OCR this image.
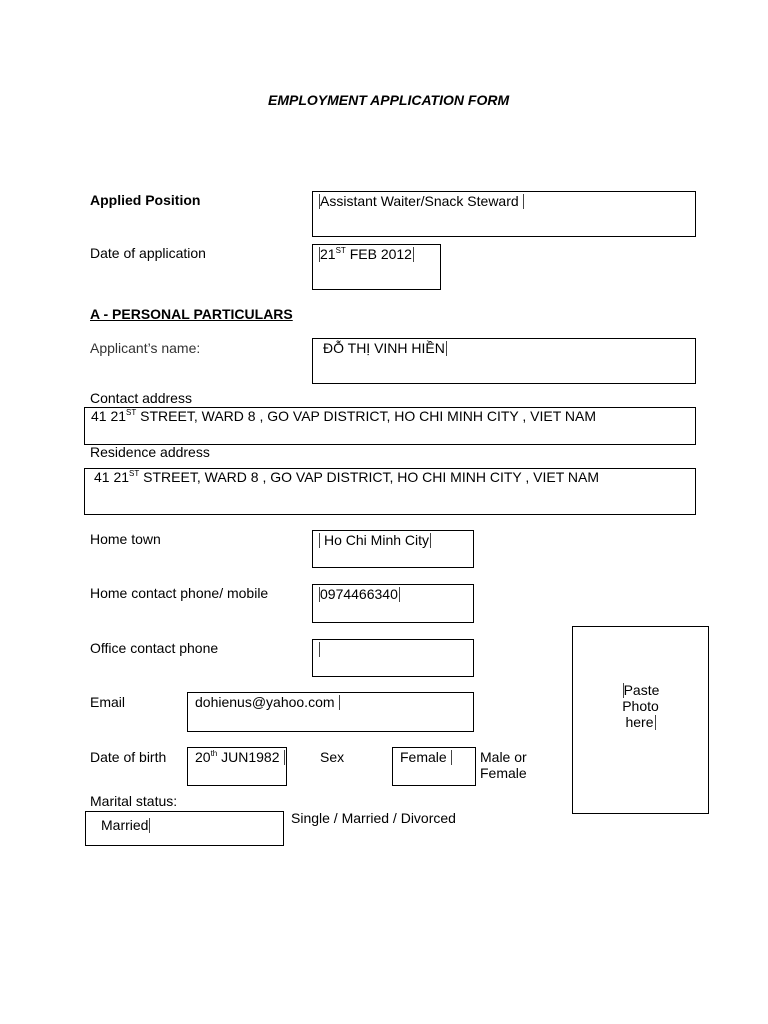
EMPLOYMENT APPLICATION FORM
Applied Position	Assistant Waiter/Snack Steward
Date of application	21ST FEB 2012
A - PERSONAL PARTICULARS
Applicant’s name:	ĐỖ THỊ VINH HIỀN
Contact address
41 21ST STREET, WARD 8 , GO VAP DISTRICT, HO CHI MINH CITY , VIET NAM
Residence address
41 21ST STREET, WARD 8 , GO VAP DISTRICT, HO CHI MINH CITY , VIET NAM
Home town	Ho Chi Minh City
Home contact phone/ mobile	0974466340
Office contact phone
Paste
Photo
here
Email	dohienus@yahoo.com
Date of birth 20th JUN1982	Sex	Female	Male or
Female
Marital status:
Married	Single / Married / Divorced
